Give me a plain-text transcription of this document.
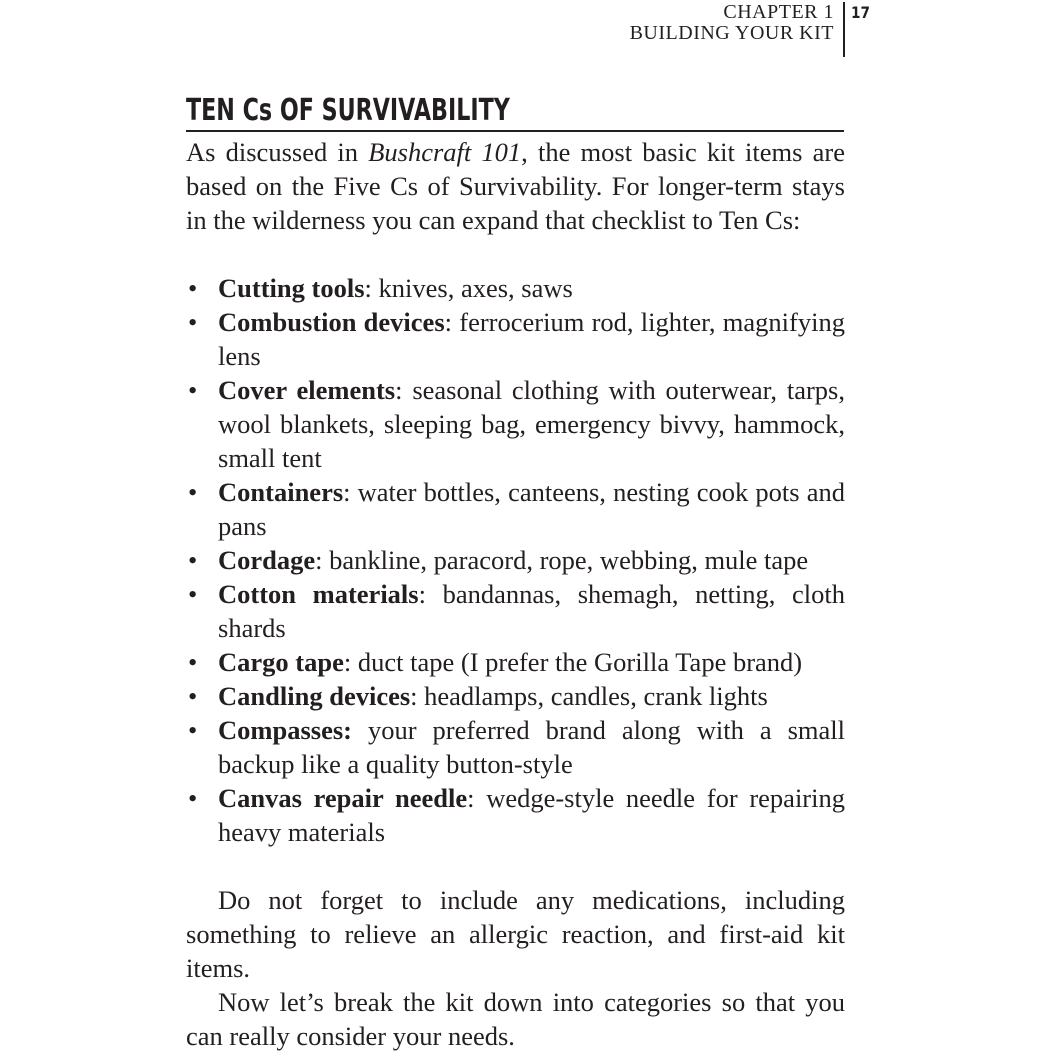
CHAPTER 1
BUILDING YOUR KIT
17
TEN Cs OF SURVIVABILITY

As discussed in Bushcraft 101, the most basic kit items are based on the Five Cs of Survivability. For longer-term stays in the wilderness you can expand that checklist to Ten Cs:

• Cutting tools: knives, axes, saws
• Combustion devices: ferrocerium rod, lighter, magnifying lens
• Cover elements: seasonal clothing with outerwear, tarps, wool blankets, sleeping bag, emergency bivvy, hammock, small tent
• Containers: water bottles, canteens, nesting cook pots and pans
• Cordage: bankline, paracord, rope, webbing, mule tape
• Cotton materials: bandannas, shemagh, netting, cloth shards
• Cargo tape: duct tape (I prefer the Gorilla Tape brand)
• Candling devices: headlamps, candles, crank lights
• Compasses: your preferred brand along with a small backup like a quality button-style
• Canvas repair needle: wedge-style needle for repairing heavy materials

Do not forget to include any medications, including something to relieve an allergic reaction, and first-aid kit items.

Now let’s break the kit down into categories so that you can really consider your needs.
